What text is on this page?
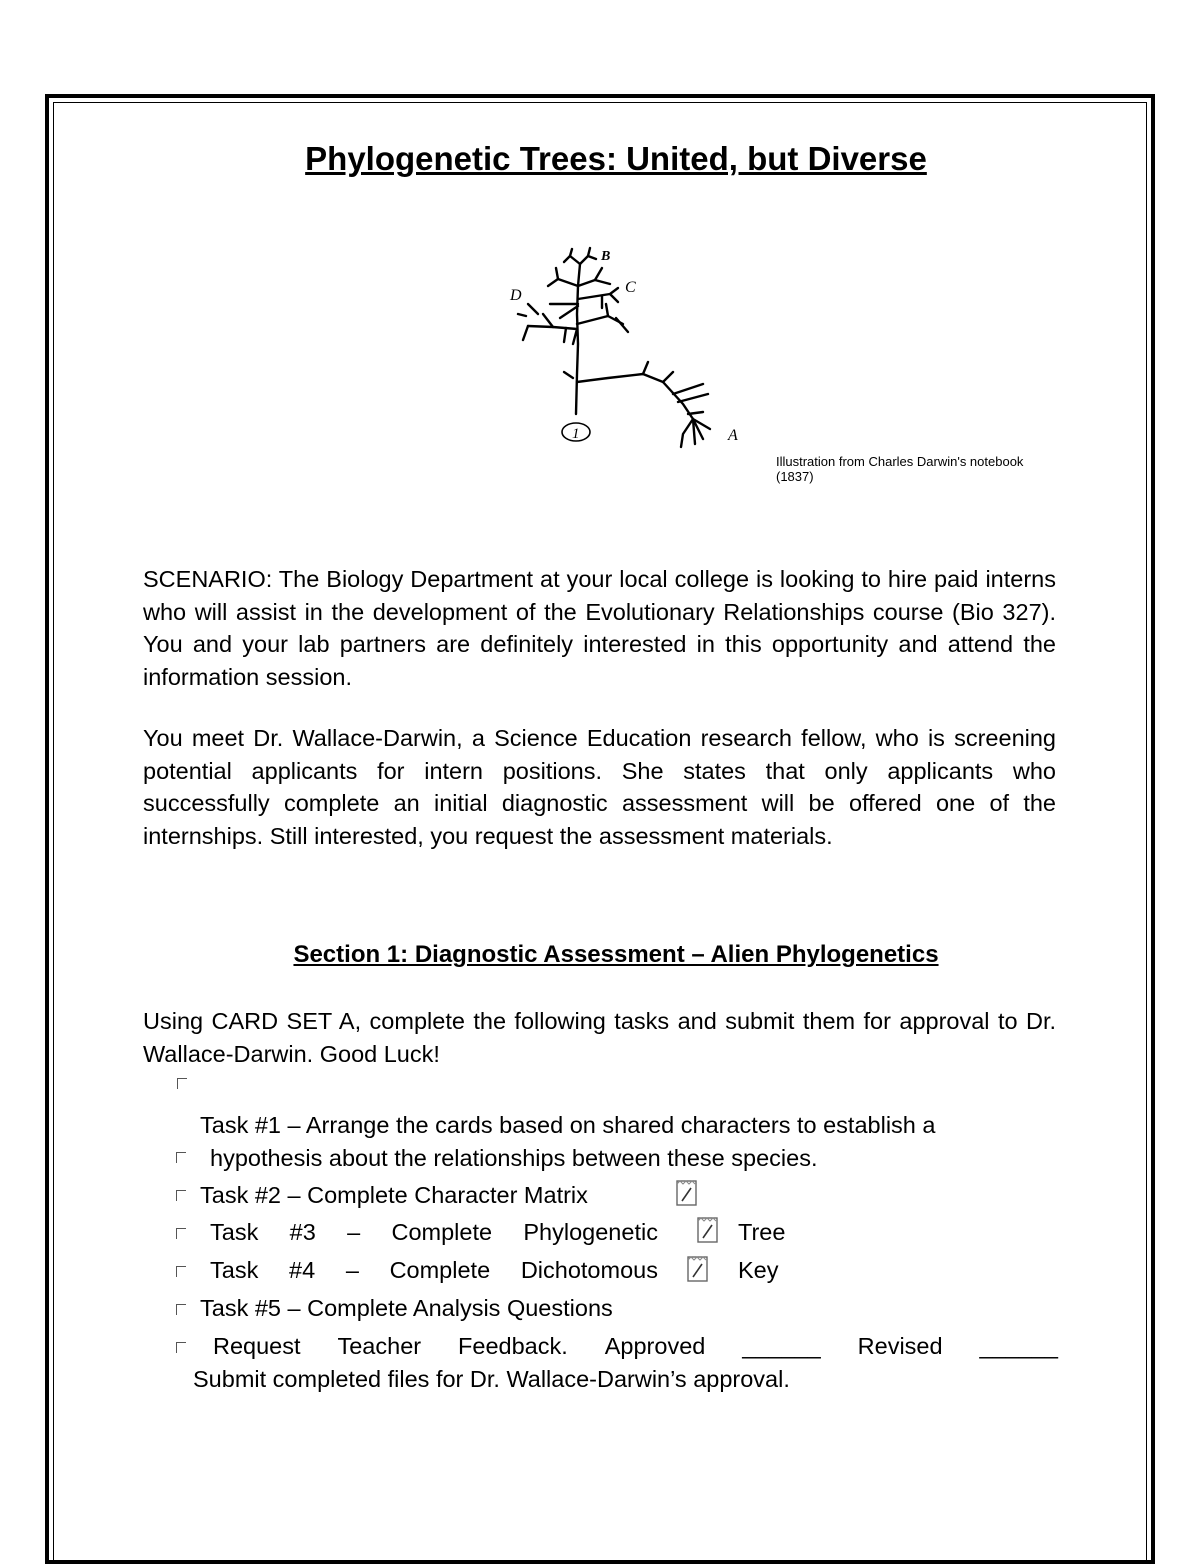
Phylogenetic Trees: United, but Diverse
1	A
B
C
D
Illustration from Charles Darwin's notebook (1837)

SCENARIO: The Biology Department at your local college is looking to hire paid interns who will assist in the development of the Evolutionary Relationships course (Bio 327). You and your lab partners are definitely interested in this opportunity and attend the information session.

You meet Dr. Wallace-Darwin, a Science Education research fellow, who is screening potential applicants for intern positions. She states that only applicants who successfully complete an initial diagnostic assessment will be offered one of the internships. Still interested, you request the assessment materials.

Section 1: Diagnostic Assessment – Alien Phylogenetics

Using CARD SET A, complete the following tasks and submit them for approval to Dr. Wallace-Darwin. Good Luck!

Task #1 – Arrange the cards based on shared characters to establish a
hypothesis about the relationships between these species.
Task #2 – Complete Character Matrix
Task #3 – Complete Phylogenetic	Tree
Task #4 – Complete Dichotomous	Key
Task #5 – Complete Analysis Questions
Request Teacher Feedback. Approved ______ Revised ______
Submit completed files for Dr. Wallace-Darwin’s approval.
